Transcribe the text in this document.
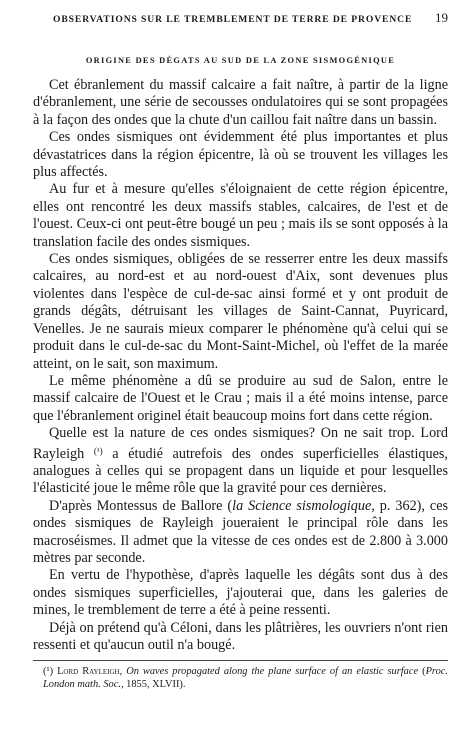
OBSERVATIONS SUR LE TREMBLEMENT DE TERRE DE PROVENCE 19
ORIGINE DES DÉGATS AU SUD DE LA ZONE SISMOGÉNIQUE

Cet ébranlement du massif calcaire a fait naître, à partir de la ligne d'ébranlement, une série de secousses ondulatoires qui se sont propagées à la façon des ondes que la chute d'un caillou fait naître dans un bassin.

Ces ondes sismiques ont évidemment été plus importantes et plus dévastatrices dans la région épicentre, là où se trouvent les villages les plus affectés.

Au fur et à mesure qu'elles s'éloignaient de cette région épicentre, elles ont rencontré les deux massifs stables, calcaires, de l'est et de l'ouest. Ceux-ci ont peut-être bougé un peu ; mais ils se sont opposés à la translation facile des ondes sismiques.

Ces ondes sismiques, obligées de se resserrer entre les deux massifs calcaires, au nord-est et au nord-ouest d'Aix, sont devenues plus violentes dans l'espèce de cul-de-sac ainsi formé et y ont produit de grands dégâts, détruisant les villages de Saint-Cannat, Puyricard, Venelles. Je ne saurais mieux comparer le phénomène qu'à celui qui se produit dans le cul-de-sac du Mont-Saint-Michel, où l'effet de la marée atteint, on le sait, son maximum.

Le même phénomène a dû se produire au sud de Salon, entre le massif calcaire de l'Ouest et le Crau ; mais il a été moins intense, parce que l'ébranlement originel était beaucoup moins fort dans cette région.

Quelle est la nature de ces ondes sismiques? On ne sait trop. Lord Rayleigh $^{(^1)}$ a étudié autrefois des ondes superficielles élastiques, analogues à celles qui se propagent dans un liquide et pour lesquelles l'élasticité joue le même rôle que la gravité pour ces dernières.

D'après Montessus de Ballore (la Science sismologique, p. 362), ces ondes sismiques de Rayleigh joueraient le principal rôle dans les macroséismes. Il admet que la vitesse de ces ondes est de 2.800 à 3.000 mètres par seconde.

En vertu de l'hypothèse, d'après laquelle les dégâts sont dus à des ondes sismiques superficielles, j'ajouterai que, dans les galeries de mines, le tremblement de terre a été à peine ressenti.

Déjà on prétend qu'à Céloni, dans les plâtrières, les ouvriers n'ont rien ressenti et qu'aucun outil n'a bougé.

(¹) Lord Rayleigh, On waves propagated along the plane surface of an elastic surface (Proc. London math. Soc., 1855, XLVII).
